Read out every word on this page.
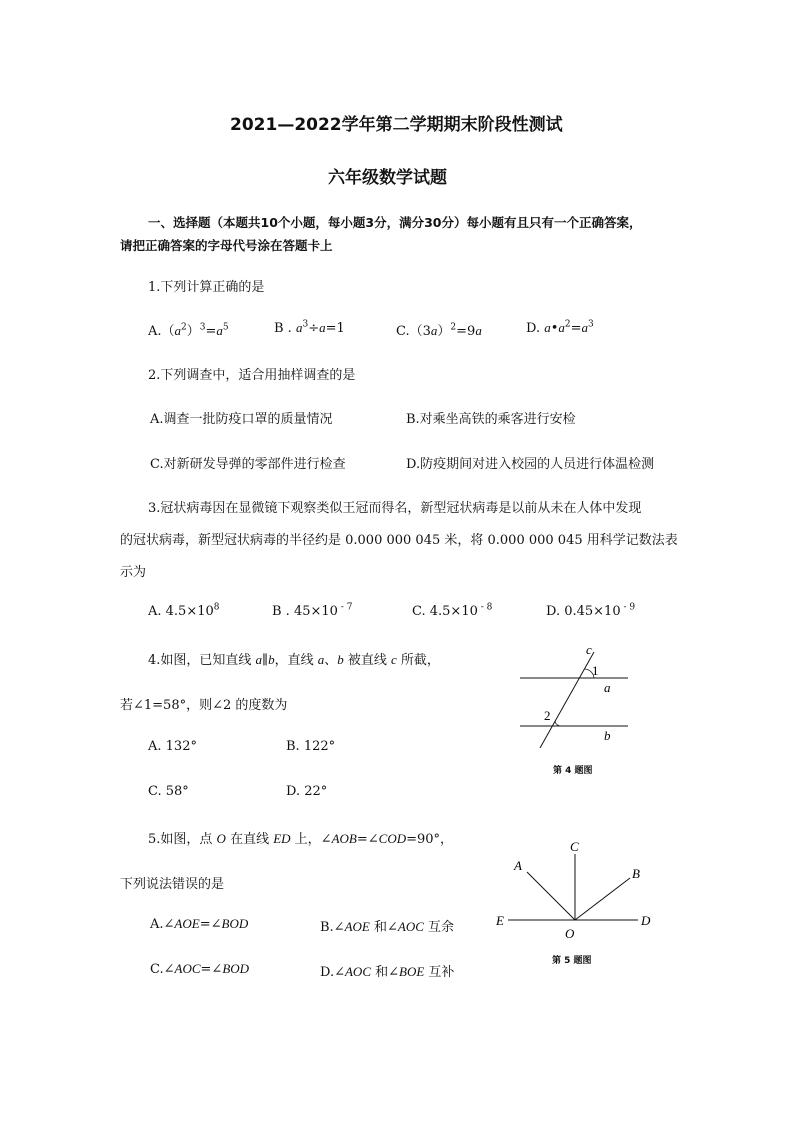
2021—2022学年第二学期期末阶段性测试
六年级数学试题
一、选择题（本题共10个小题，每小题3分，满分30分）每小题有且只有一个正确答案，
请把正确答案的字母代号涂在答题卡上
1.下列计算正确的是
$A.(a^2)^3=a^5$	B . $a^3\div a=1$	$C.(3a)^2=9a$	D. $a•a^2=a^3$
2.下列调查中，适合用抽样调查的是
A.调查一批防疫口罩的质量情况	B.对乘坐高铁的乘客进行安检
C.对新研发导弹的零部件进行检查	D.防疫期间对进入校园的人员进行体温检测
3.冠状病毒因在显微镜下观察类似王冠而得名，新型冠状病毒是以前从未在人体中发现
的冠状病毒，新型冠状病毒的半径约是 0.000 000 045 米，将 0.000 000 045 用科学记数法表
示为
A. $4.5\times 10^8$	B . 45×10 $^{- 7}$	C. 4.5×10 $^{- 8}$	D. 0.45×10 $^{- 9}$
4.如图，已知直线 a∥b，直线 a、b 被直线 c 所截，
若∠1=58°，则∠2 的度数为
A. 132°	B. 122°
C. 58°	D. 22°
c
1
a
2
b
第 4 题图
5.如图，点 O 在直线 ED 上，∠AOB=∠COD=90°，
下列说法错误的是
A.∠AOE=∠BOD	B.∠AOE 和∠AOC 互余
C.∠AOC=∠BOD	D.∠AOC 和∠BOE 互补
C
A
B
E	D
O
第 5 题图
